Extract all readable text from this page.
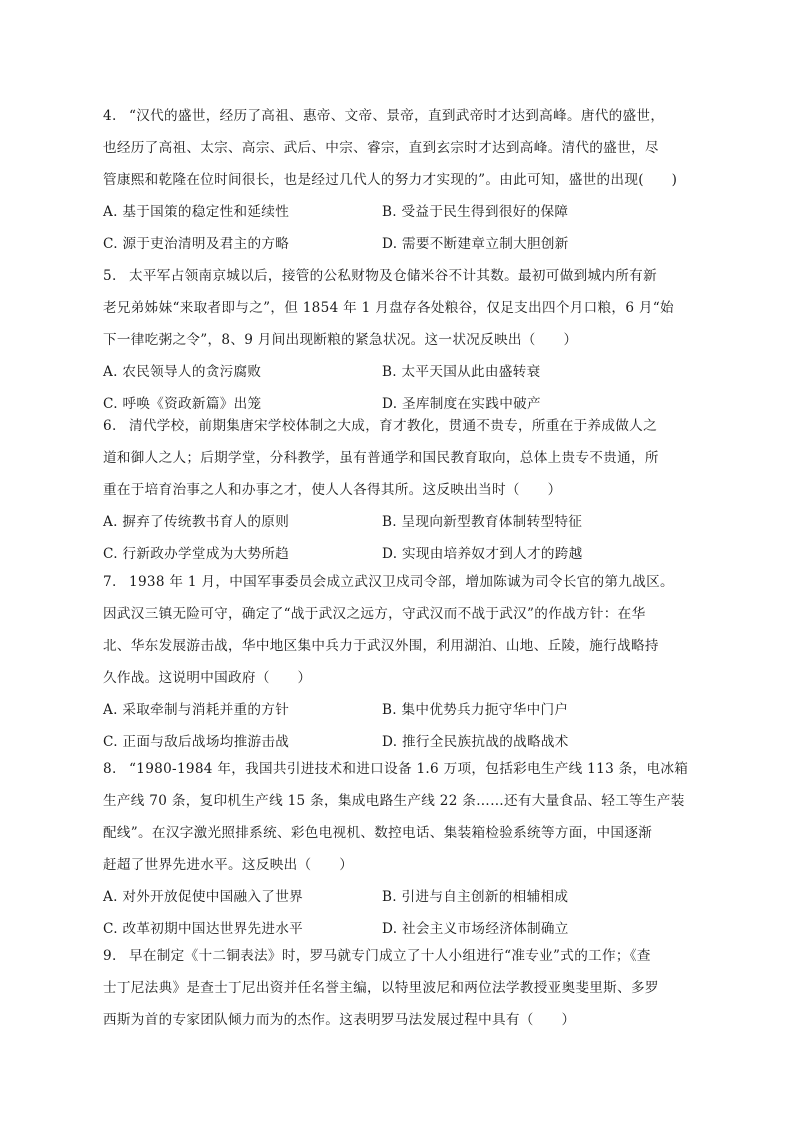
4. “汉代的盛世，经历了高祖、惠帝、文帝、景帝，直到武帝时才达到高峰。唐代的盛世，
也经历了高祖、太宗、高宗、武后、中宗、睿宗，直到玄宗时才达到高峰。清代的盛世，尽
管康熙和乾隆在位时间很长，也是经过几代人的努力才实现的”。由此可知，盛世的出现(　　)
A. 基于国策的稳定性和延续性	B. 受益于民生得到很好的保障
C. 源于吏治清明及君主的方略	D. 需要不断建章立制大胆创新
5. 太平军占领南京城以后，接管的公私财物及仓储米谷不计其数。最初可做到城内所有新
老兄弟姊妹“来取者即与之”，但 1854 年 1 月盘存各处粮谷，仅足支出四个月口粮，6 月“始
下一律吃粥之令”，8、9 月间出现断粮的紧急状况。这一状况反映出（　　）
A. 农民领导人的贪污腐败	B. 太平天国从此由盛转衰
C. 呼唤《资政新篇》出笼	D. 圣库制度在实践中破产
6. 清代学校，前期集唐宋学校体制之大成，育才教化，贯通不贵专，所重在于养成做人之
道和御人之人；后期学堂，分科教学，虽有普通学和国民教育取向，总体上贵专不贵通，所
重在于培育治事之人和办事之才，使人人各得其所。这反映出当时（　　）
A. 摒弃了传统教书育人的原则	B. 呈现向新型教育体制转型特征
C. 行新政办学堂成为大势所趋	D. 实现由培养奴才到人才的跨越
7. 1938 年 1 月，中国军事委员会成立武汉卫戍司令部，增加陈诚为司令长官的第九战区。
因武汉三镇无险可守，确定了“战于武汉之远方，守武汉而不战于武汉”的作战方针：在华
北、华东发展游击战，华中地区集中兵力于武汉外围，利用湖泊、山地、丘陵，施行战略持
久作战。这说明中国政府（　　）
A. 采取牵制与消耗并重的方针	B. 集中优势兵力扼守华中门户
C. 正面与敌后战场均推游击战	D. 推行全民族抗战的战略战术
8. “1980-1984 年，我国共引进技术和进口设备 1.6 万项，包括彩电生产线 113 条，电冰箱
生产线 70 条，复印机生产线 15 条，集成电路生产线 22 条……还有大量食品、轻工等生产装
配线”。在汉字激光照排系统、彩色电视机、数控电话、集装箱检验系统等方面，中国逐渐
赶超了世界先进水平。这反映出（　　）
A. 对外开放促使中国融入了世界	B. 引进与自主创新的相辅相成
C. 改革初期中国达世界先进水平	D. 社会主义市场经济体制确立
9. 早在制定《十二铜表法》时，罗马就专门成立了十人小组进行“准专业”式的工作；《查
士丁尼法典》是查士丁尼出资并任名誉主编，以特里波尼和两位法学教授亚奥斐里斯、多罗
西斯为首的专家团队倾力而为的杰作。这表明罗马法发展过程中具有（　　）
